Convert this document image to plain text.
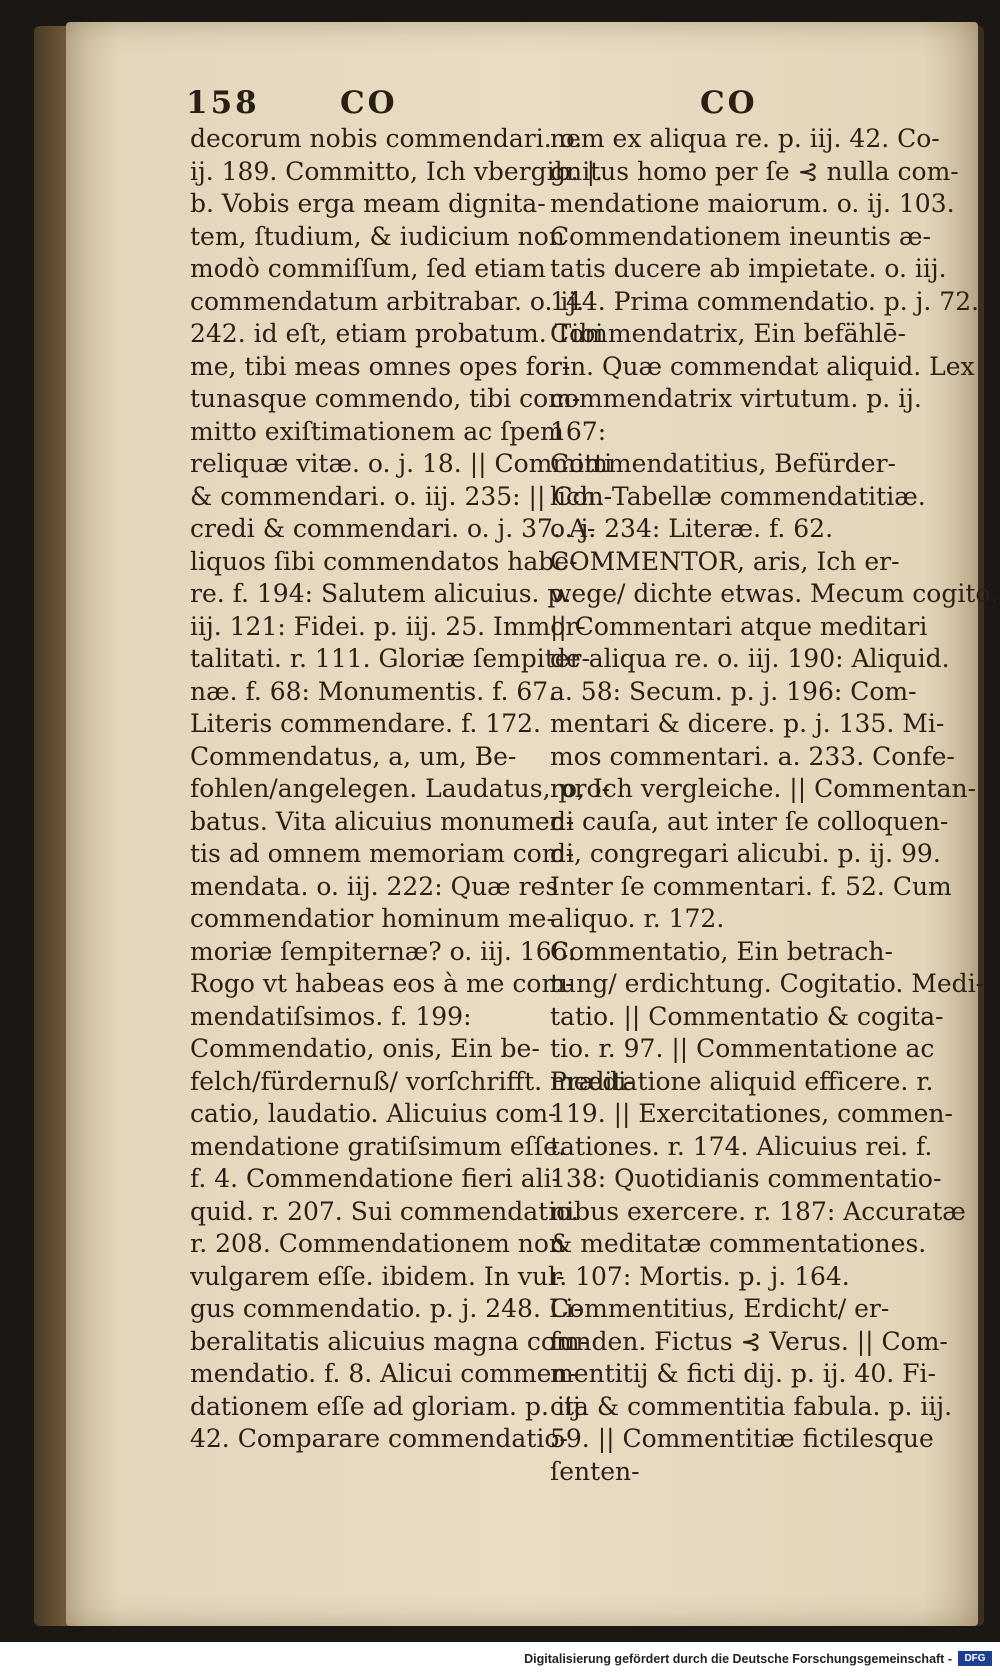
158	CO	CO
decorum nobis commendari. o.
ij. 189. Committo, Ich vbergib. |.
b. Vobis erga meam dignita-
tem, ſtudium, & iudicium non
modò commiſſum, ſed etiam
commendatum arbitrabar. o. ij.
242. id eſt, etiam probatum. Tibi
me, tibi meas omnes opes for-
tunasque commendo, tibi com-
mitto exiſtimationem ac ſpem
reliquæ vitæ. o. j. 18. || Committi
& commendari. o. iij. 235: || Con-
credi & commendari. o. j. 37. A-
liquos ſibi commendatos habe-
re. f. 194: Salutem alicuius. p.
iij. 121: Fidei. p. iij. 25. Immor-
talitati. r. 111. Gloriæ ſempiter-
næ. f. 68: Monumentis. f. 67.
Literis commendare. f. 172.
Commendatus, a, um, Be-
fohlen/angelegen. Laudatus, pro-
batus. Vita alicuius monumen-
tis ad omnem memoriam com-
mendata. o. iij. 222: Quæ res
commendatior hominum me-
moriæ ſempiternæ? o. iij. 166:
Rogo vt habeas eos à me com-
mendatiſsimos. f. 199:
Commendatio, onis, Ein be-
felch/fürdernuß/ vorſchrifft. Prædi-
catio, laudatio. Alicuius com-
mendatione gratiſsimum eſſe.
f. 4. Commendatione fieri ali-
quid. r. 207. Sui commendatio.
r. 208. Commendationem non
vulgarem eſſe. ibidem. In vul-
gus commendatio. p. j. 248. Li-
beralitatis alicuius magna com-
mendatio. f. 8. Alicui commen-
dationem eſſe ad gloriam. p. iij.
42. Comparare commendatio-
nem ex aliqua re. p. iij. 42. Co-
gnitus homo per ſe ⊰ nulla com-
mendatione maiorum. o. ij. 103.
Commendationem ineuntis æ-
tatis ducere ab impietate. o. iij.
144. Prima commendatio. p. j. 72.
Commendatrix, Ein befählē-
rin. Quæ commendat aliquid. Lex
commendatrix virtutum. p. ij.
167:
Commendatitius, Befürder-
lich. Tabellæ commendatitiæ.
o. j. 234: Literæ. f. 62.
COMMENTOR, aris, Ich er-
wege/ dichte etwas. Mecum cogito.
|| Commentari atque meditari
de aliqua re. o. iij. 190: Aliquid.
a. 58: Secum. p. j. 196: Com-
mentari & dicere. p. j. 135. Mi-
mos commentari. a. 233. Confe-
ro, Ich vergleiche. || Commentan-
di cauſa, aut inter ſe colloquen-
di, congregari alicubi. p. ij. 99.
Inter ſe commentari. f. 52. Cum
aliquo. r. 172.
Commentatio, Ein betrach-
tung/ erdichtung. Cogitatio. Medi-
tatio. || Commentatio & cogita-
tio. r. 97. || Commentatione ac
meditatione aliquid efficere. r.
119. || Exercitationes, commen-
tationes. r. 174. Alicuius rei. f.
138: Quotidianis commentatio-
nibus exercere. r. 187: Accuratæ
& meditatæ commentationes.
r. 107: Mortis. p. j. 164.
Commentitius, Erdicht/ er-
funden. Fictus ⊰ Verus. || Com-
mentitij & ficti dij. p. ij. 40. Fi-
cta & commentitia fabula. p. iij.
59. || Commentitiæ fictilesque
ſenten-
Digitalisierung gefördert durch die Deutsche Forschungsgemeinschaft -	DFG
